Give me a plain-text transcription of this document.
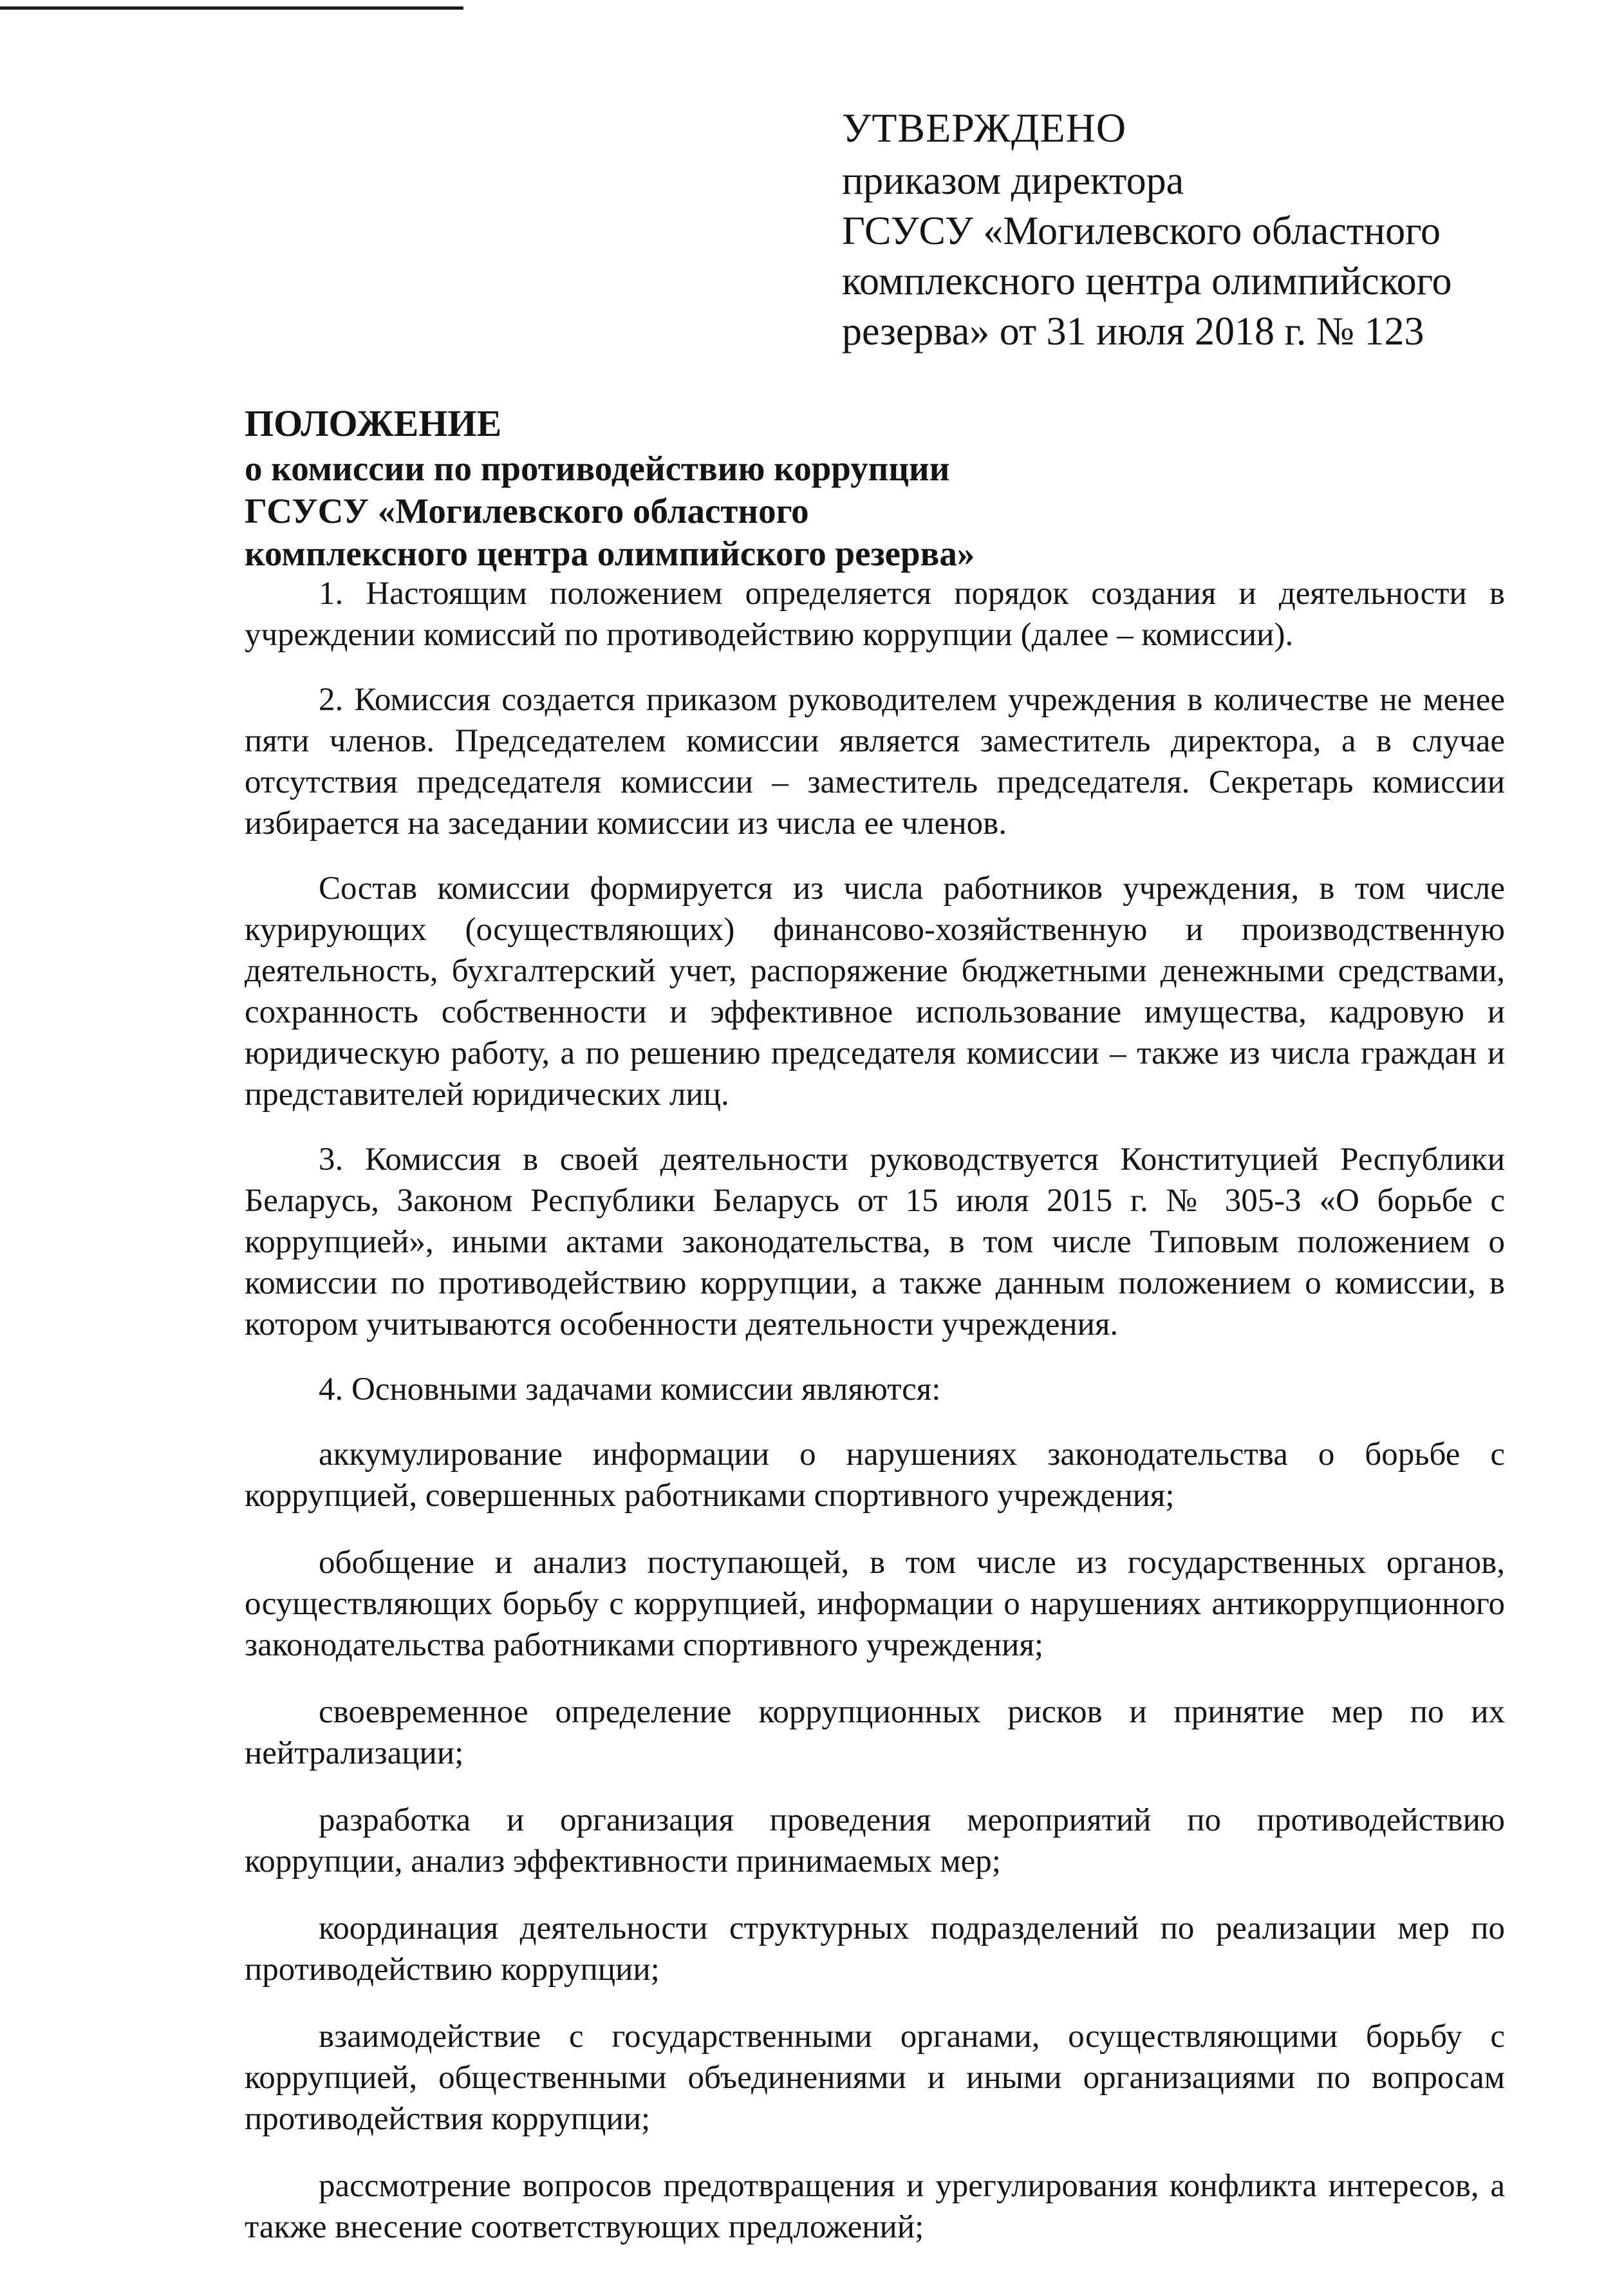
УТВЕРЖДЕНО
приказом директора
ГСУСУ «Могилевского областного
комплексного центра олимпийского
резерва» от 31 июля 2018 г. № 123
ПОЛОЖЕНИЕ
о комиссии по противодействию коррупции
ГСУСУ «Могилевского областного
комплексного центра олимпийского резерва»

1. Настоящим положением определяется порядок создания и деятельности в учреждении комиссий по противодействию коррупции (далее – комиссии).

2. Комиссия создается приказом руководителем учреждения в количестве не менее пяти членов. Председателем комиссии является заместитель директора, а в случае отсутствия председателя комиссии – заместитель председателя. Секретарь комиссии избирается на заседании комиссии из числа ее членов.

Состав комиссии формируется из числа работников учреждения, в том числе курирующих (осуществляющих) финансово-хозяйственную и производственную деятельность, бухгалтерский учет, распоряжение бюджетными денежными средствами, сохранность собственности и эффективное использование имущества, кадровую и юридическую работу, а по решению председателя комиссии – также из числа граждан и представителей юридических лиц.

3. Комиссия в своей деятельности руководствуется Конституцией Республики Беларусь, Законом Республики Беларусь от 15 июля 2015 г. № 305-З «О борьбе с коррупцией», иными актами законодательства, в том числе Типовым положением о комиссии по противодействию коррупции, а также данным положением о комиссии, в котором учитываются особенности деятельности учреждения.

4. Основными задачами комиссии являются:

аккумулирование информации о нарушениях законодательства о борьбе с коррупцией, совершенных работниками спортивного учреждения;

обобщение и анализ поступающей, в том числе из государственных органов, осуществляющих борьбу с коррупцией, информации о нарушениях антикоррупционного законодательства работниками спортивного учреждения;

своевременное определение коррупционных рисков и принятие мер по их нейтрализации;

разработка и организация проведения мероприятий по противодействию коррупции, анализ эффективности принимаемых мер;

координация деятельности структурных подразделений по реализации мер по противодействию коррупции;

взаимодействие с государственными органами, осуществляющими борьбу с коррупцией, общественными объединениями и иными организациями по вопросам противодействия коррупции;

рассмотрение вопросов предотвращения и урегулирования конфликта интересов, а также внесение соответствующих предложений;
